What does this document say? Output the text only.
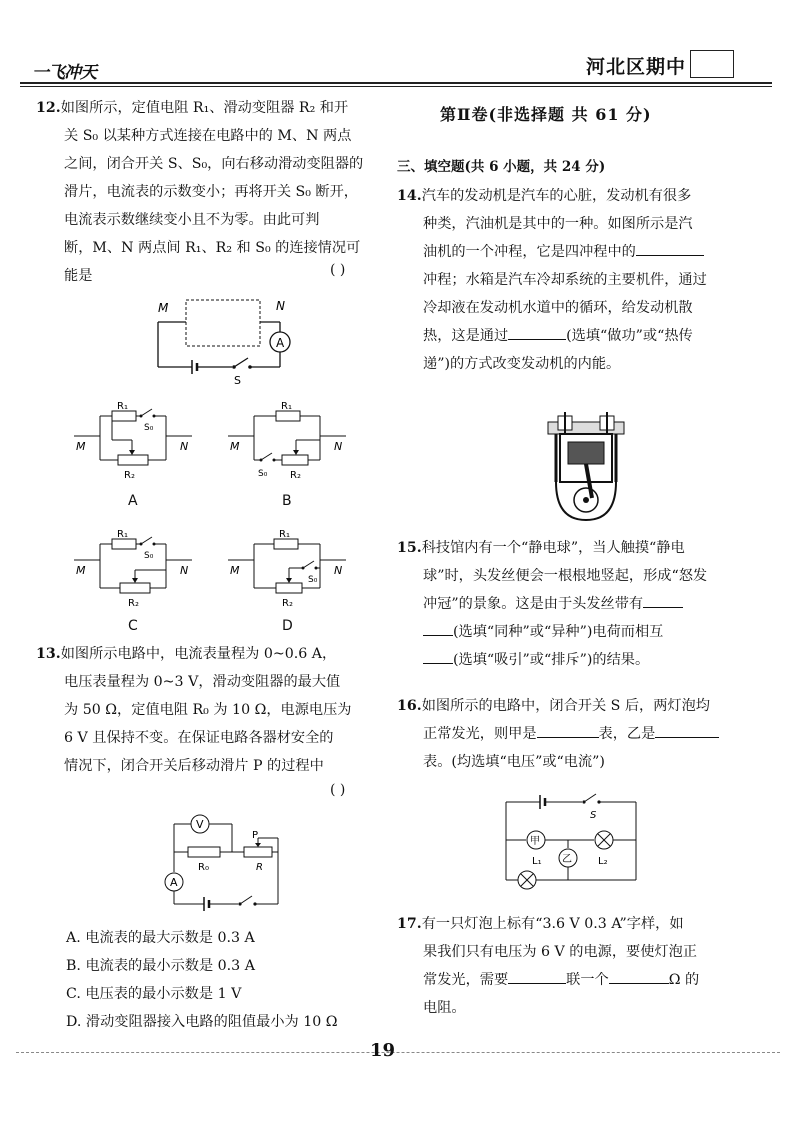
一飞冲天	河北区期中

12.如图所示，定值电阻 R₁、滑动变阻器 R₂ 和开

关 S₀ 以某种方式连接在电路中的 M、N 两点

之间，闭合开关 S、S₀，向右移动滑动变阻器的

滑片，电流表的示数变小；再将开关 S₀ 断开，

电流表示数继续变小且不为零。由此可判

断，M、N 两点间 R₁、R₂ 和 S₀ 的连接情况可

能是	( )
M	N
A
S
M	N
R₁
S₀
R₂
A
M	N
R₁
S₀ R₂
B
M	N
R₁
S₀
R₂
C
M	N
R₁
S₀
R₂
D

13.如图所示电路中，电流表量程为 0~0.6 A，

电压表量程为 0~3 V，滑动变阻器的最大值

为 50 Ω，定值电阻 R₀ 为 10 Ω，电源电压为

6 V 且保持不变。在保证电路各器材安全的

情况下，闭合开关后移动滑片 P 的过程中

( )
V
R₀	R
P
A

A. 电流表的最大示数是 0.3 A

B. 电流表的最小示数是 0.3 A

C. 电压表的最小示数是 1 V

D. 滑动变阻器接入电路的阻值最小为 10 Ω

第Ⅱ卷(非选择题 共 61 分)
三、填空题(共 6 小题，共 24 分)

14.汽车的发动机是汽车的心脏，发动机有很多

种类，汽油机是其中的一种。如图所示是汽

油机的一个冲程，它是四冲程中的

冲程；水箱是汽车冷却系统的主要机件，通过

冷却液在发动机水道中的循环，给发动机散

热，这是通过	(选填“做功”或“热传

递”)的方式改变发动机的内能。

15.科技馆内有一个“静电球”，当人触摸“静电

球”时，头发丝便会一根根地竖起，形成“怒发

冲冠”的景象。这是由于头发丝带有

(选填“同种”或“异种”)电荷而相互

(选填“吸引”或“排斥”)的结果。

16.如图所示的电路中，闭合开关 S 后，两灯泡均

正常发光，则甲是	表，乙是

表。(均选填“电压”或“电流”)

S
甲
L₁	L₂
乙

17.有一只灯泡上标有“3.6 V 0.3 A”字样，如

果我们只有电压为 6 V 的电源，要使灯泡正

常发光，需要	联一个	Ω 的

电阻。

19
